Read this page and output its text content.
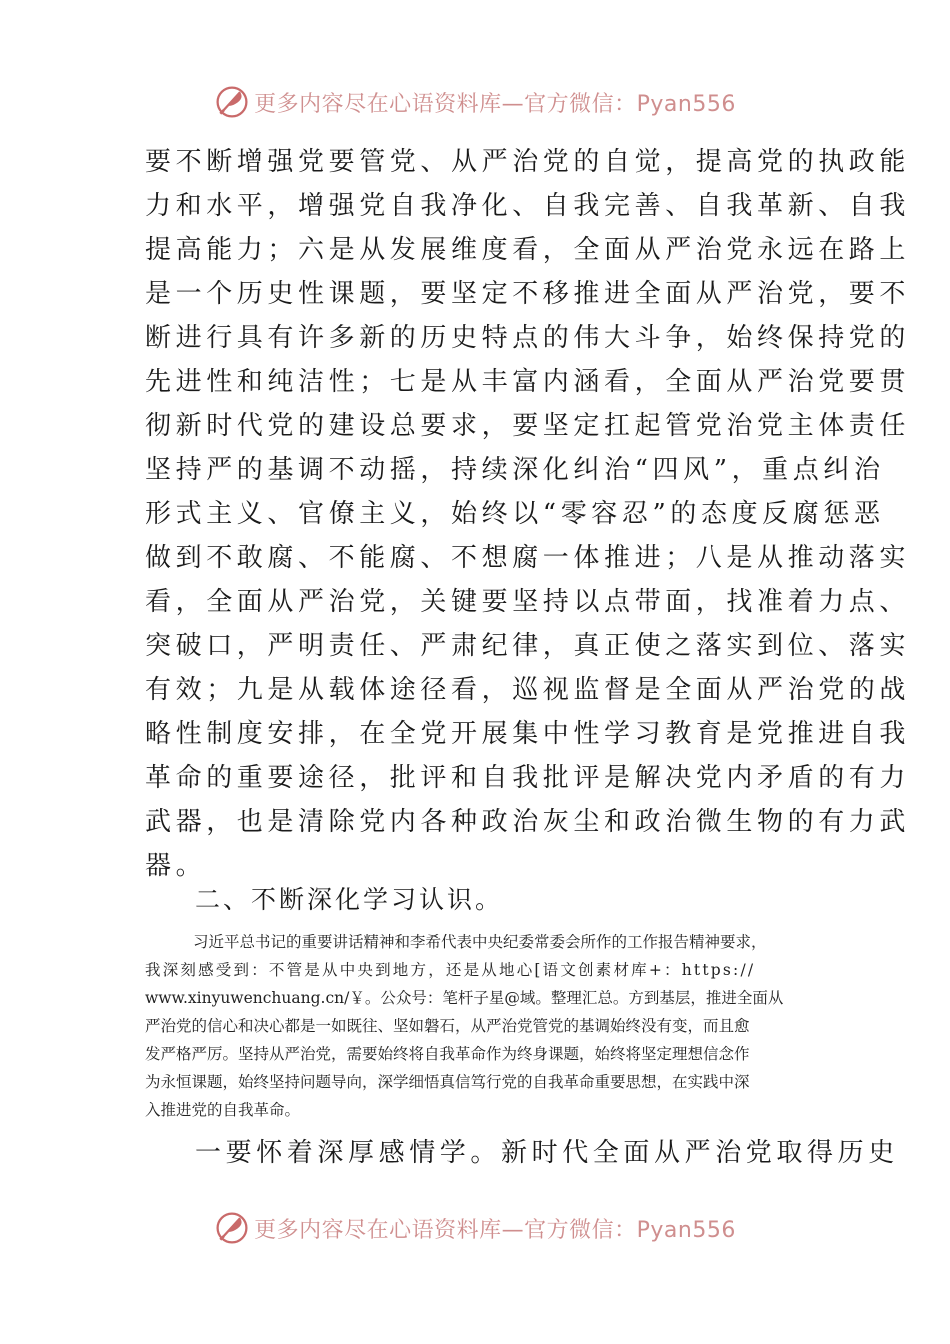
更多内容尽在心语资料库—官方微信：Pyan556
要不断增强党要管党、从严治党的自觉，提高党的执政能
力和水平，增强党自我净化、自我完善、自我革新、自我
提高能力；六是从发展维度看，全面从严治党永远在路上
是一个历史性课题，要坚定不移推进全面从严治党，要不
断进行具有许多新的历史特点的伟大斗争，始终保持党的
先进性和纯洁性；七是从丰富内涵看，全面从严治党要贯
彻新时代党的建设总要求，要坚定扛起管党治党主体责任
坚持严的基调不动摇，持续深化纠治“四风”，重点纠治
形式主义、官僚主义，始终以“零容忍”的态度反腐惩恶
做到不敢腐、不能腐、不想腐一体推进；八是从推动落实
看，全面从严治党，关键要坚持以点带面，找准着力点、
突破口，严明责任、严肃纪律，真正使之落实到位、落实
有效；九是从载体途径看，巡视监督是全面从严治党的战
略性制度安排，在全党开展集中性学习教育是党推进自我
革命的重要途径，批评和自我批评是解决党内矛盾的有力
武器，也是清除党内各种政治灰尘和政治微生物的有力武
器。
二、不断深化学习认识。
习近平总书记的重要讲话精神和李希代表中央纪委常委会所作的工作报告精神要求，
我深刻感受到：不管是从中央到地方，还是从地心[语文创素材库+：https://
www.xinyuwenchuang.cn/￥。公众号：笔杆子星@域。整理汇总。方到基层，推进全面从
严治党的信心和决心都是一如既往、坚如磐石，从严治党管党的基调始终没有变，而且愈
发严格严厉。坚持从严治党，需要始终将自我革命作为终身课题，始终将坚定理想信念作
为永恒课题，始终坚持问题导向，深学细悟真信笃行党的自我革命重要思想，在实践中深
入推进党的自我革命。
一要怀着深厚感情学。新时代全面从严治党取得历史
更多内容尽在心语资料库—官方微信：Pyan556
